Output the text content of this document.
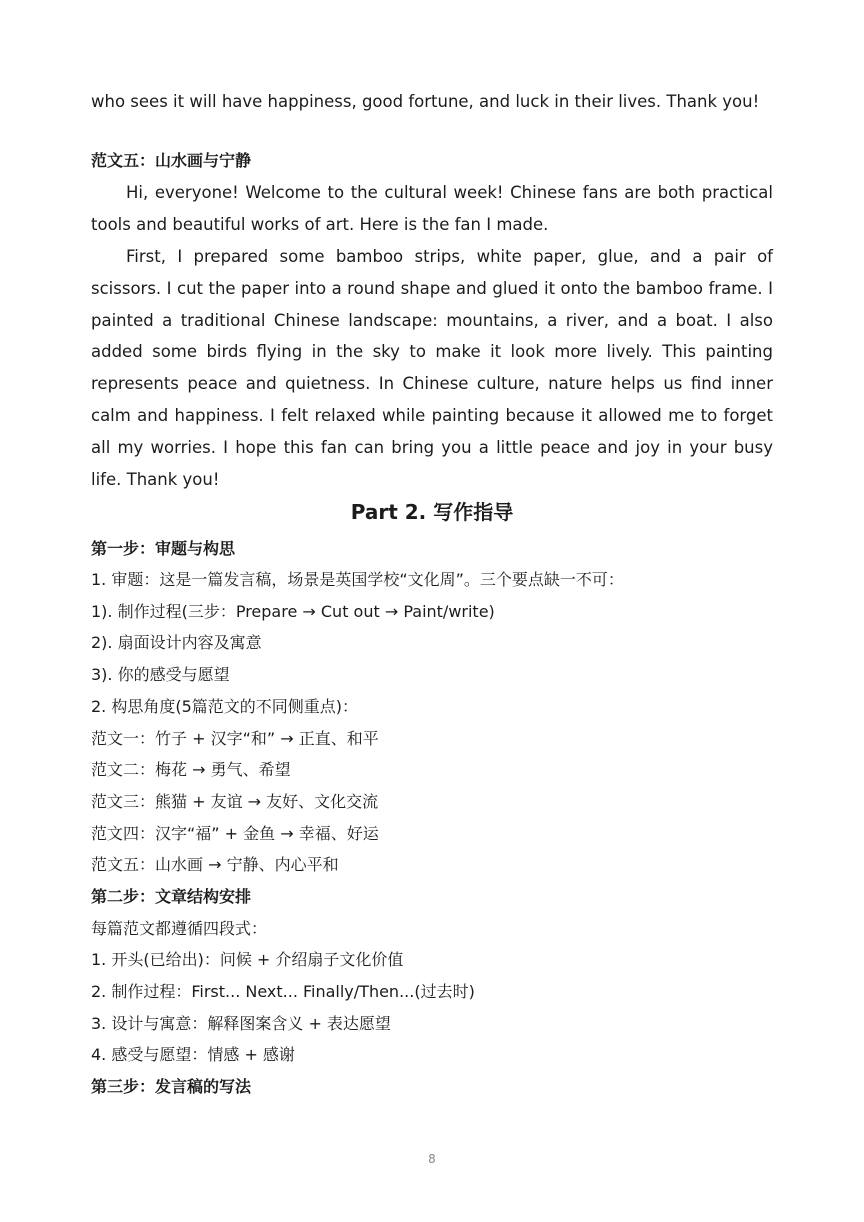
who sees it will have happiness, good fortune, and luck in their lives. Thank you!

范文五：山水画与宁静

Hi, everyone! Welcome to the cultural week! Chinese fans are both practical tools and beautiful works of art. Here is the fan I made.

First, I prepared some bamboo strips, white paper, glue, and a pair of scissors. I cut the paper into a round shape and glued it onto the bamboo frame. I painted a traditional Chinese landscape: mountains, a river, and a boat. I also added some birds flying in the sky to make it look more lively. This painting represents peace and quietness. In Chinese culture, nature helps us find inner calm and happiness. I felt relaxed while painting because it allowed me to forget all my worries. I hope this fan can bring you a little peace and joy in your busy life. Thank you!

Part 2. 写作指导
第一步：审题与构思
1. 审题：这是一篇发言稿，场景是英国学校“文化周”。三个要点缺一不可：
1). 制作过程(三步：Prepare → Cut out → Paint/write)
2). 扇面设计内容及寓意
3). 你的感受与愿望
2. 构思角度(5篇范文的不同侧重点)：
范文一：竹子 + 汉字“和” → 正直、和平
范文二：梅花 → 勇气、希望
范文三：熊猫 + 友谊 → 友好、文化交流
范文四：汉字“福” + 金鱼 → 幸福、好运
范文五：山水画 → 宁静、内心平和
第二步：文章结构安排
每篇范文都遵循四段式：
1. 开头(已给出)：问候 + 介绍扇子文化价值
2. 制作过程：First... Next... Finally/Then...(过去时)
3. 设计与寓意：解释图案含义 + 表达愿望
4. 感受与愿望：情感 + 感谢
第三步：发言稿的写法
8
